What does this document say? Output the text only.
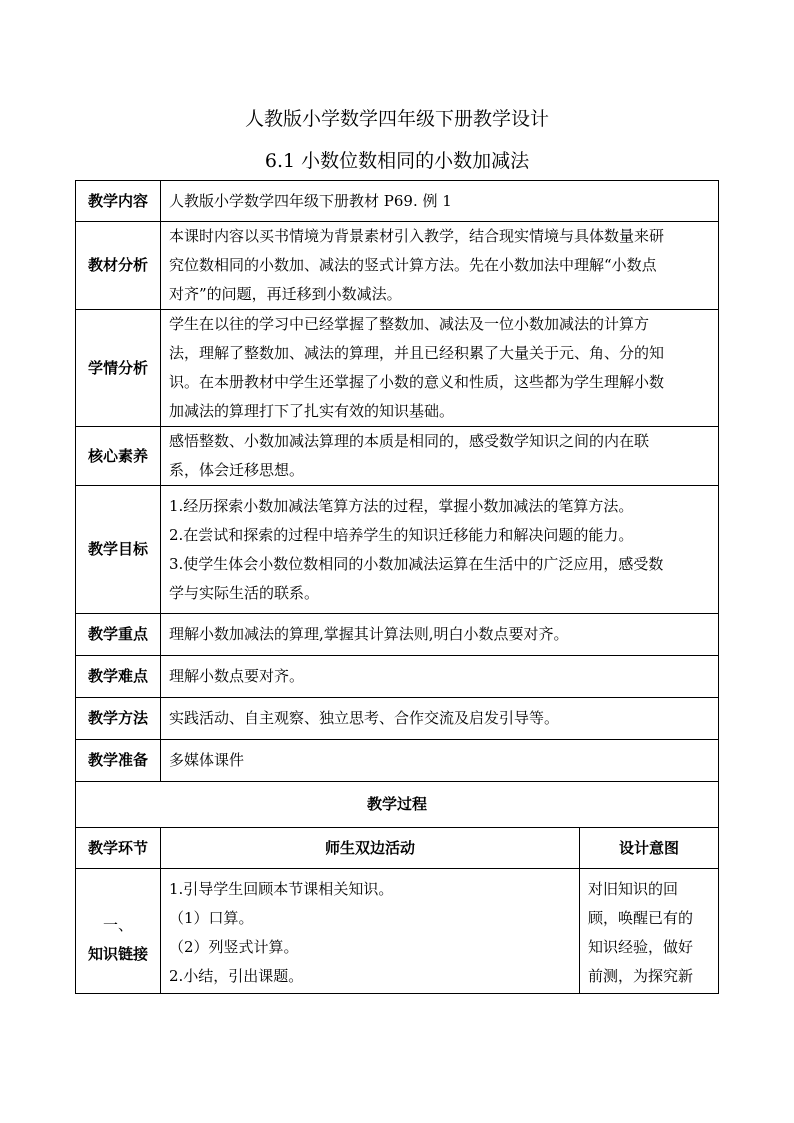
人教版小学数学四年级下册教学设计
6.1 小数位数相同的小数加减法
教学内容	人教版小学数学四年级下册教材 P69. 例 1	

教材分析	本课时内容以买书情境为背景素材引入教学，结合现实情境与具体数量来研
究位数相同的小数加、减法的竖式计算方法。先在小数加法中理解“小数点
对齐”的问题，再迁移到小数减法。	

学情分析	学生在以往的学习中已经掌握了整数加、减法及一位小数加减法的计算方
法，理解了整数加、减法的算理，并且已经积累了大量关于元、角、分的知
识。在本册教材中学生还掌握了小数的意义和性质，这些都为学生理解小数
加减法的算理打下了扎实有效的知识基础。	

核心素养	感悟整数、小数加减法算理的本质是相同的，感受数学知识之间的内在联
系，体会迁移思想。	

教学目标	1.经历探索小数加减法笔算方法的过程，掌握小数加减法的笔算方法。
2.在尝试和探索的过程中培养学生的知识迁移能力和解决问题的能力。
3.使学生体会小数位数相同的小数加减法运算在生活中的广泛应用，感受数
学与实际生活的联系。	

教学重点	理解小数加减法的算理,掌握其计算法则,明白小数点要对齐。	

教学难点	理解小数点要对齐。	

教学方法	实践活动、自主观察、独立思考、合作交流及启发引导等。	

教学准备	多媒体课件	

教学过程		
教学环节	师生双边活动	设计意图

一、
知识链接	1.引导学生回顾本节课相关知识。
（1）口算。
（2）列竖式计算。
2.小结，引出课题。	对旧知识的回
顾，唤醒已有的
知识经验，做好
前测，为探究新
